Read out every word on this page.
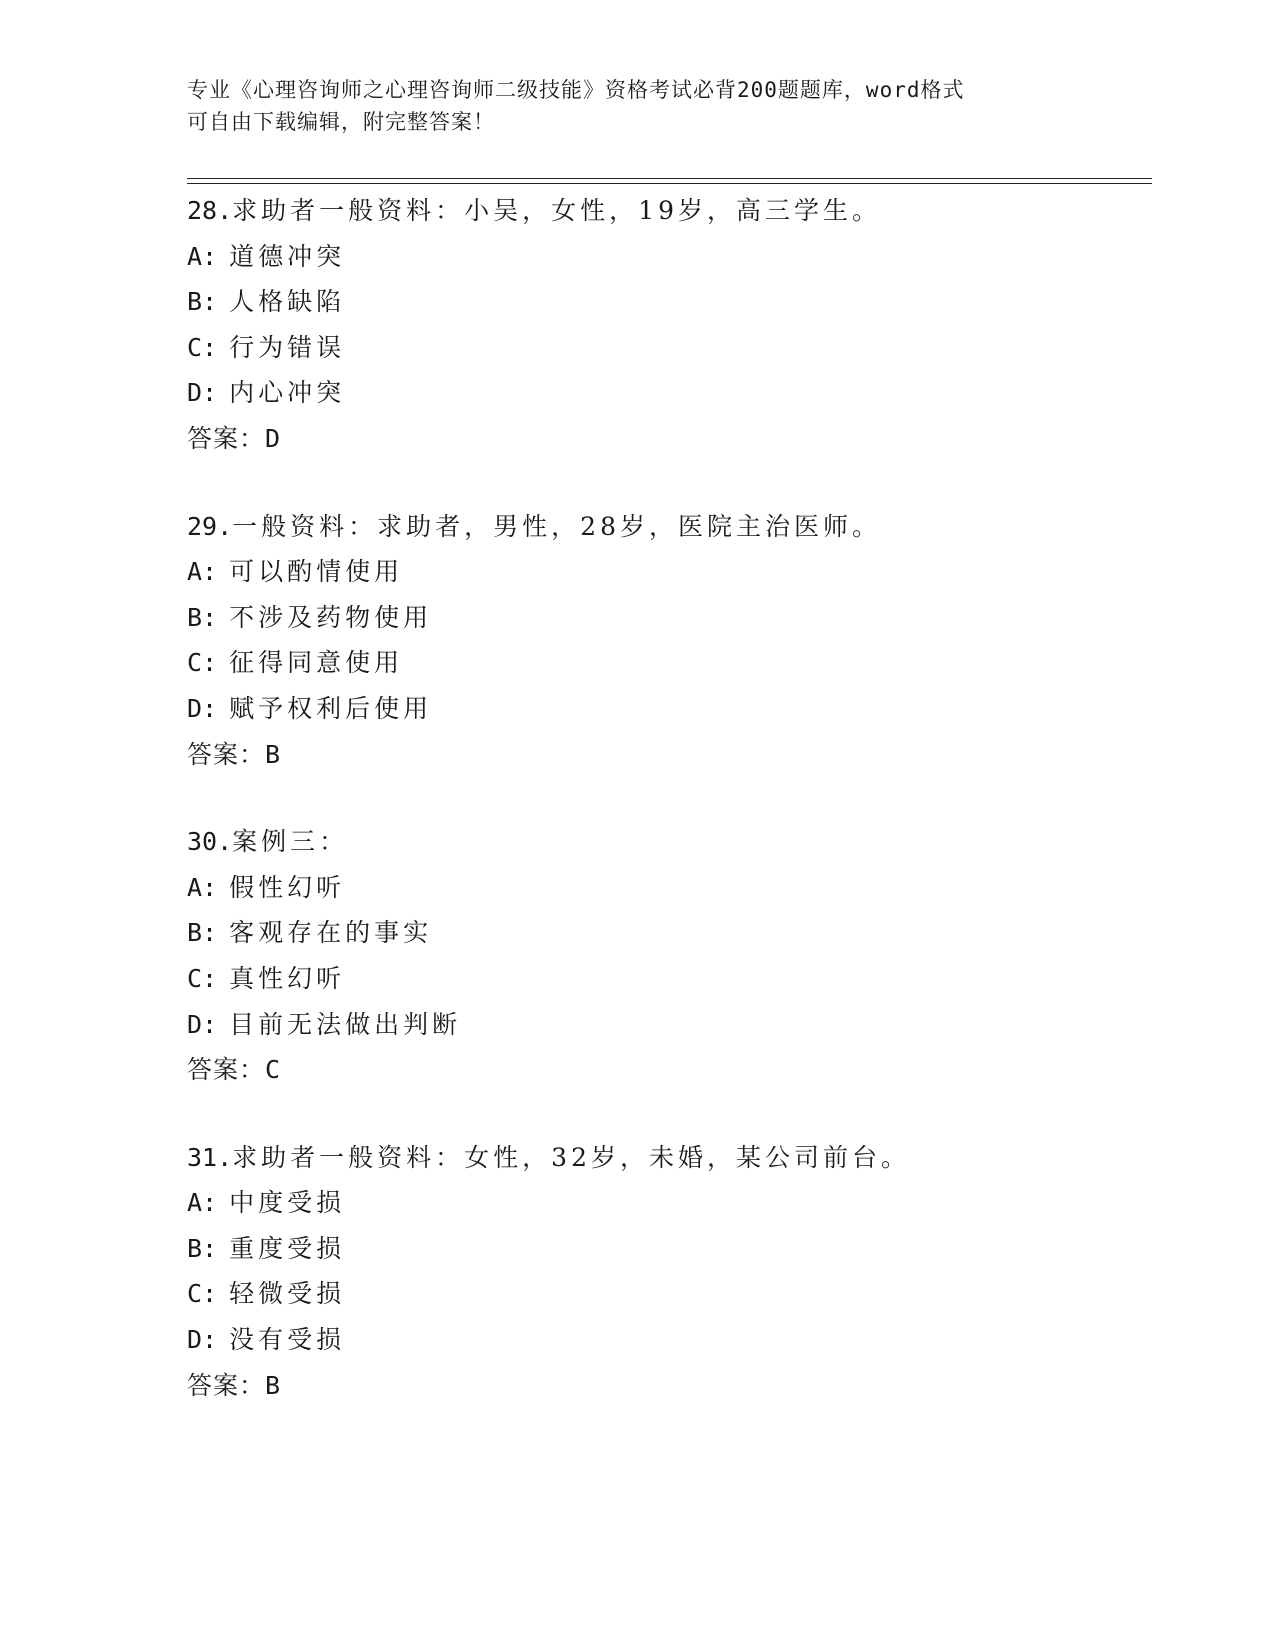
专业《心理咨询师之心理咨询师二级技能》资格考试必背200题题库，word格式
可自由下载编辑，附完整答案！
28.求助者一般资料：小吴，女性，19岁，高三学生。
A: 道德冲突
B: 人格缺陷
C: 行为错误
D: 内心冲突
答案：D
29.一般资料：求助者，男性，28岁，医院主治医师。
A: 可以酌情使用
B: 不涉及药物使用
C: 征得同意使用
D: 赋予权利后使用
答案：B
30.案例三：
A: 假性幻听
B: 客观存在的事实
C: 真性幻听
D: 目前无法做出判断
答案：C
31.求助者一般资料：女性，32岁，未婚，某公司前台。
A: 中度受损
B: 重度受损
C: 轻微受损
D: 没有受损
答案：B
